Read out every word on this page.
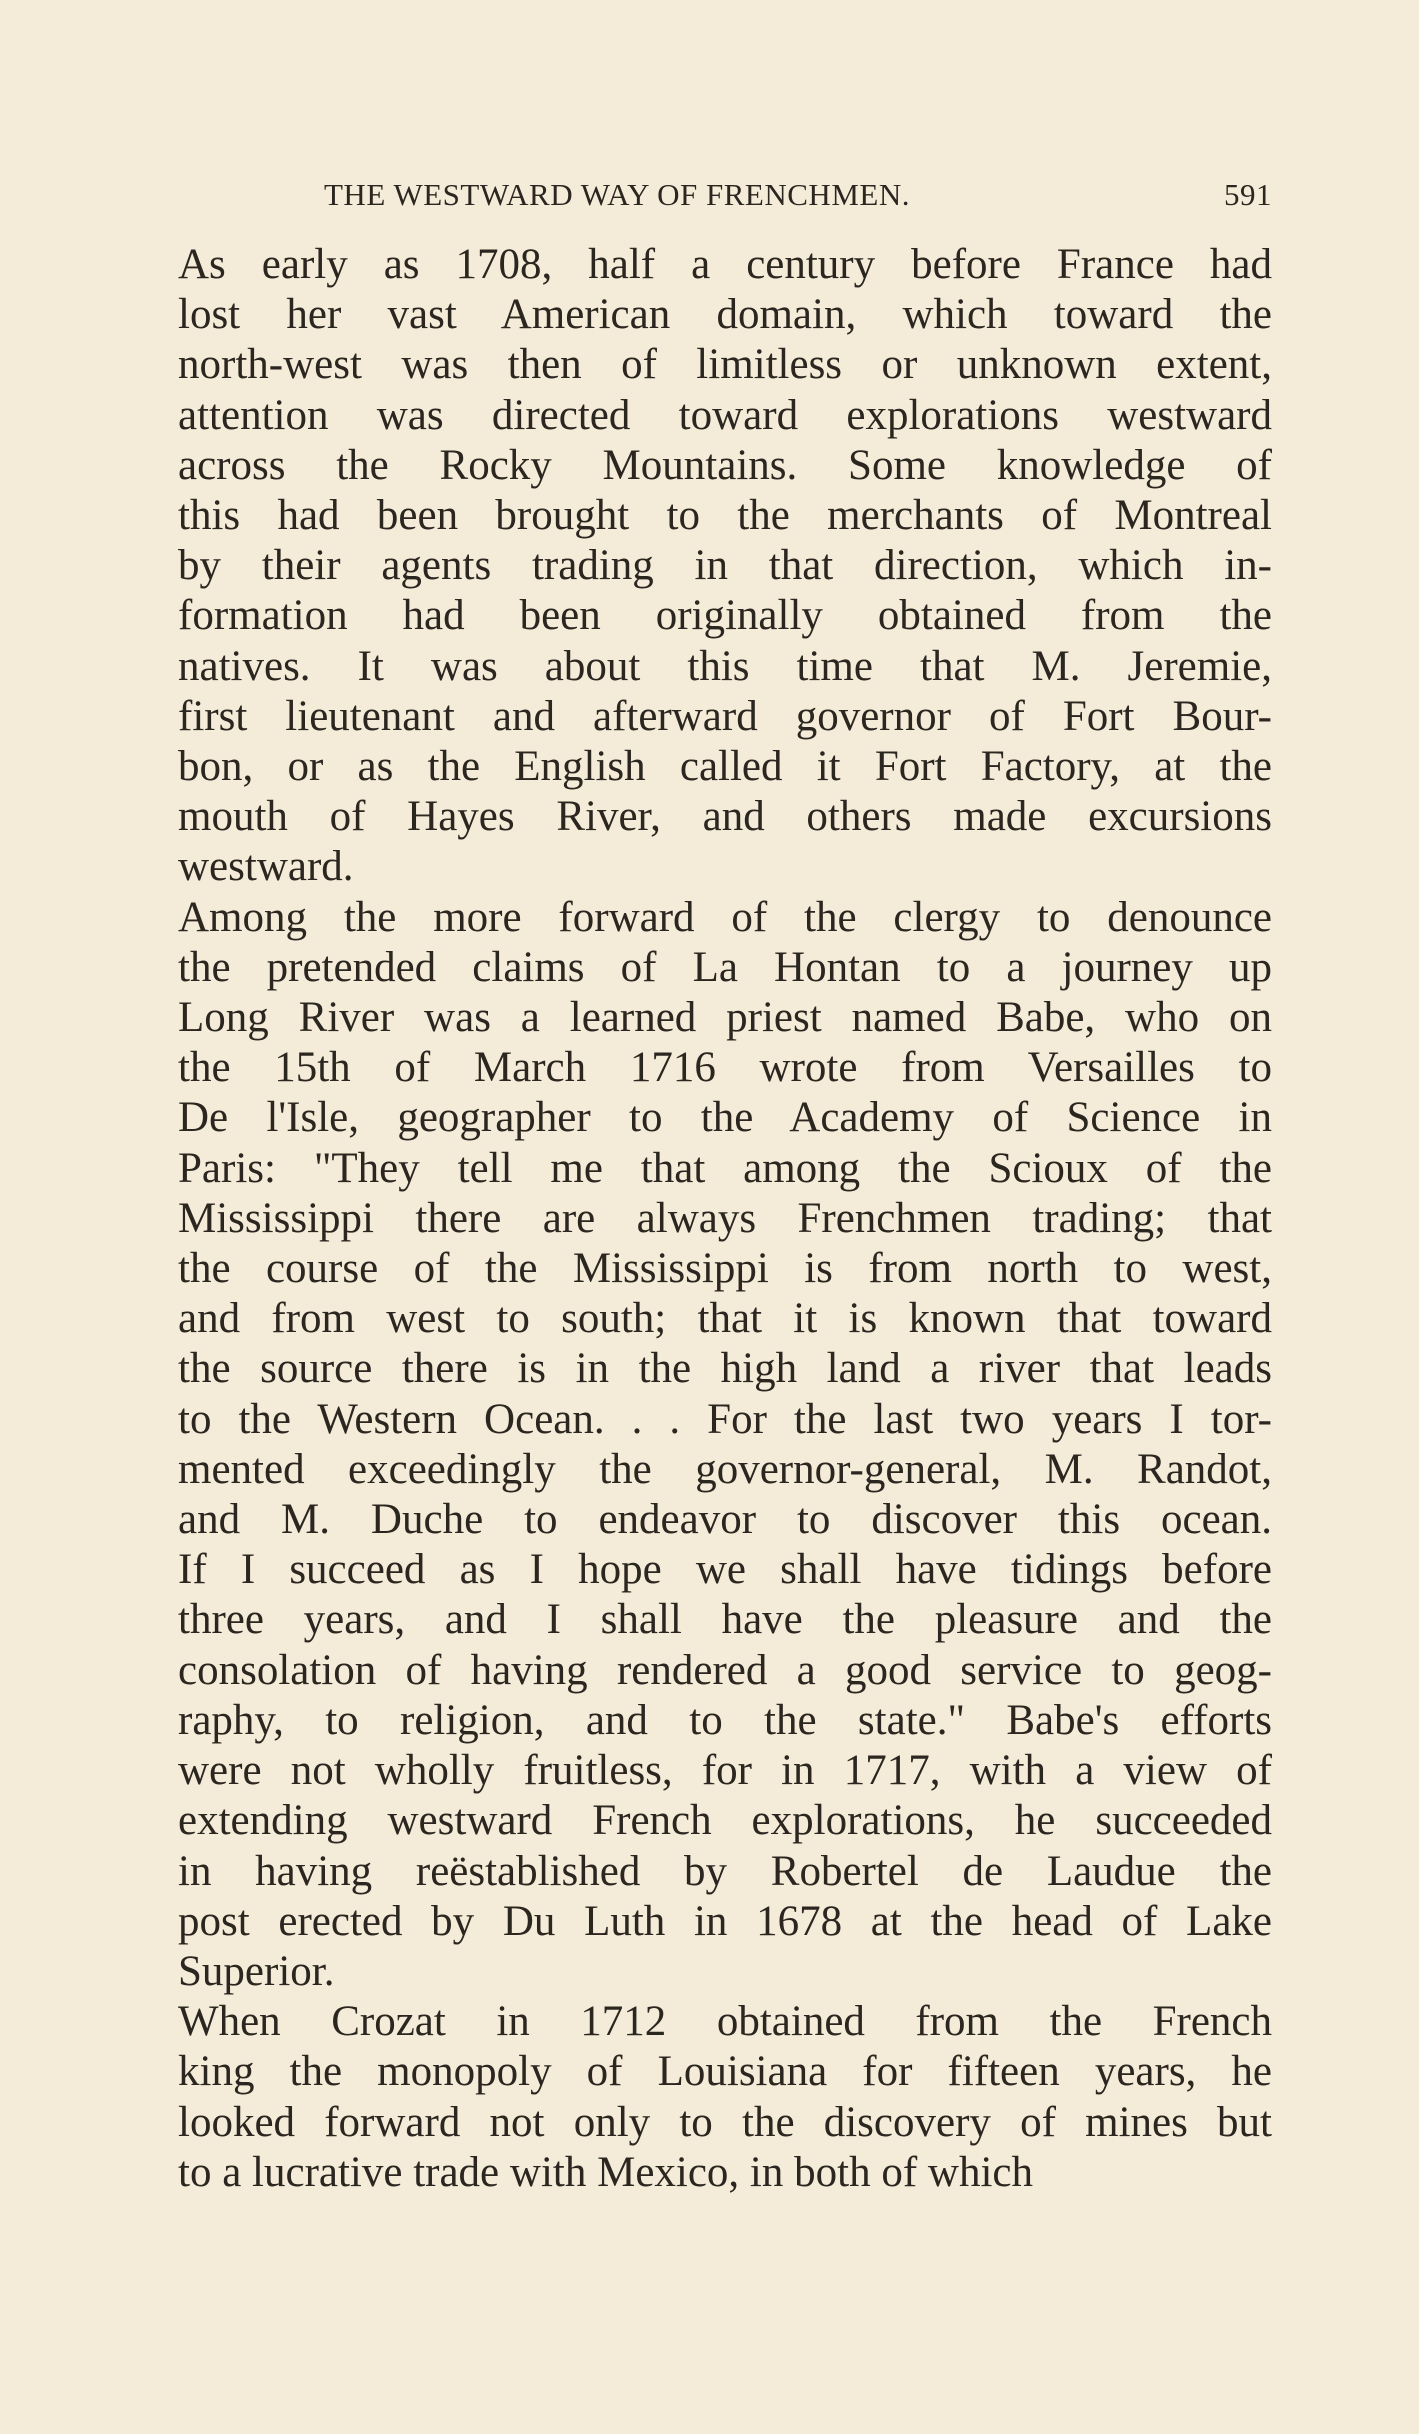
THE WESTWARD WAY OF FRENCHMEN.	591

As early as 1708, half a century before France had
lost her vast American domain, which toward the
north-west was then of limitless or unknown extent,
attention was directed toward explorations westward
across the Rocky Mountains. Some knowledge of
this had been brought to the merchants of Montreal
by their agents trading in that direction, which in-
formation had been originally obtained from the
natives. It was about this time that M. Jeremie,
first lieutenant and afterward governor of Fort Bour-
bon, or as the English called it Fort Factory, at the
mouth of Hayes River, and others made excursions
westward.

Among the more forward of the clergy to denounce
the pretended claims of La Hontan to a journey up
Long River was a learned priest named Babe, who on
the 15th of March 1716 wrote from Versailles to
De l'Isle, geographer to the Academy of Science in
Paris: "They tell me that among the Scioux of the
Mississippi there are always Frenchmen trading; that
the course of the Mississippi is from north to west,
and from west to south; that it is known that toward
the source there is in the high land a river that leads
to the Western Ocean. . . For the last two years I tor-
mented exceedingly the governor-general, M. Randot,
and M. Duche to endeavor to discover this ocean.
If I succeed as I hope we shall have tidings before
three years, and I shall have the pleasure and the
consolation of having rendered a good service to geog-
raphy, to religion, and to the state." Babe's efforts
were not wholly fruitless, for in 1717, with a view of
extending westward French explorations, he succeeded
in having reëstablished by Robertel de Laudue the
post erected by Du Luth in 1678 at the head of Lake
Superior.

When Crozat in 1712 obtained from the French
king the monopoly of Louisiana for fifteen years, he
looked forward not only to the discovery of mines but
to a lucrative trade with Mexico, in both of which
